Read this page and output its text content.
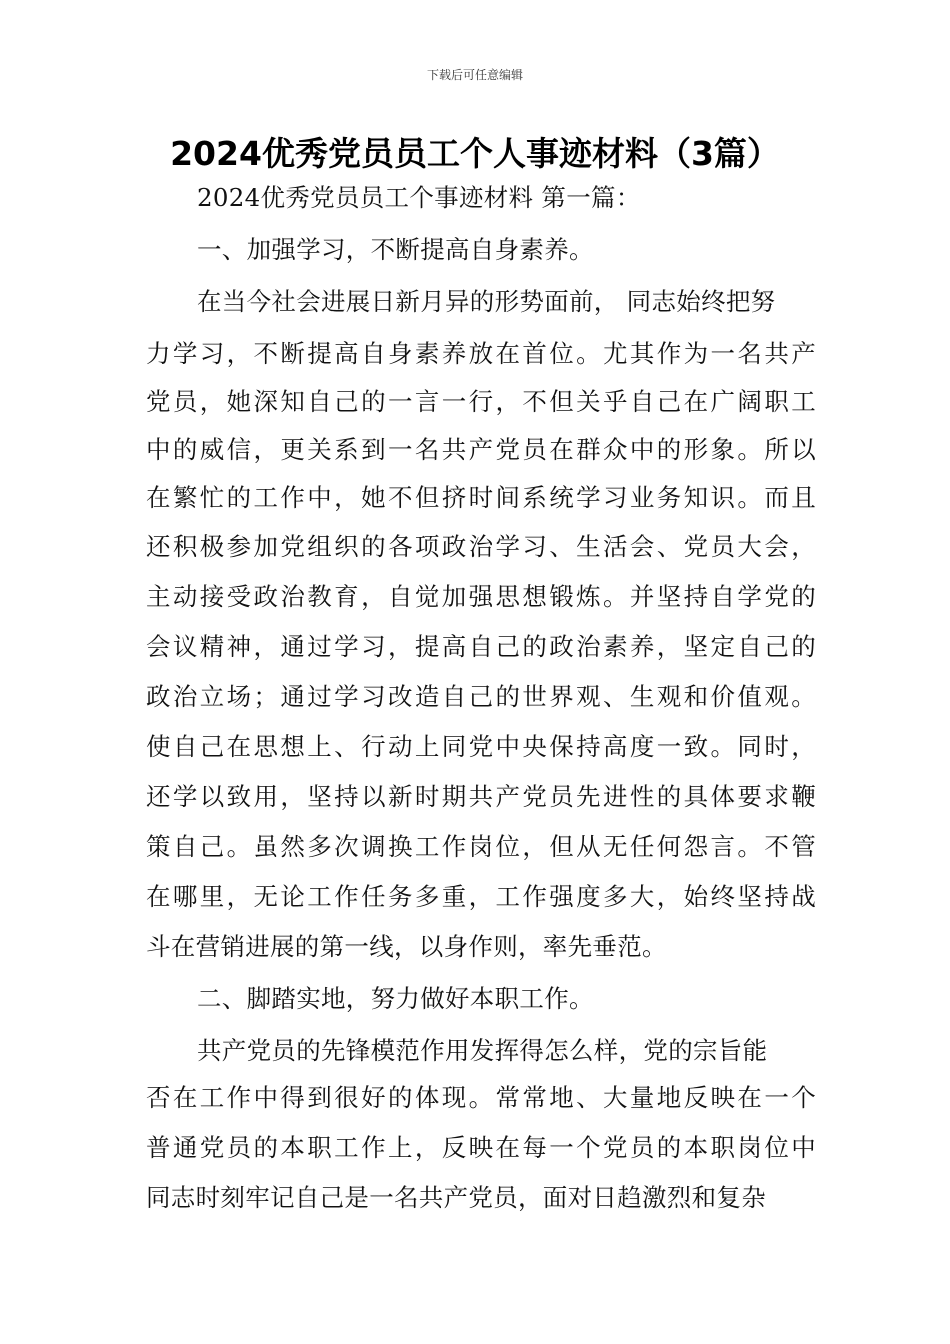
下载后可任意编辑
2024优秀党员员工个人事迹材料（3篇）
2024优秀党员员工个事迹材料 第一篇：
一、加强学习，不断提高自身素养。
在当今社会进展日新月异的形势面前， 同志始终把努
力学习，不断提高自身素养放在首位。尤其作为一名共产
党员，她深知自己的一言一行，不但关乎自己在广阔职工
中的威信，更关系到一名共产党员在群众中的形象。所以
在繁忙的工作中，她不但挤时间系统学习业务知识。而且
还积极参加党组织的各项政治学习、生活会、党员大会，
主动接受政治教育，自觉加强思想锻炼。并坚持自学党的
会议精神，通过学习，提高自己的政治素养，坚定自己的
政治立场；通过学习改造自己的世界观、生观和价值观。
使自己在思想上、行动上同党中央保持高度一致。同时，
还学以致用，坚持以新时期共产党员先进性的具体要求鞭
策自己。虽然多次调换工作岗位，但从无任何怨言。不管
在哪里，无论工作任务多重，工作强度多大，始终坚持战
斗在营销进展的第一线，以身作则，率先垂范。
二、脚踏实地，努力做好本职工作。
共产党员的先锋模范作用发挥得怎么样，党的宗旨能
否在工作中得到很好的体现。常常地、大量地反映在一个
普通党员的本职工作上，反映在每一个党员的本职岗位中
同志时刻牢记自己是一名共产党员，面对日趋激烈和复杂
